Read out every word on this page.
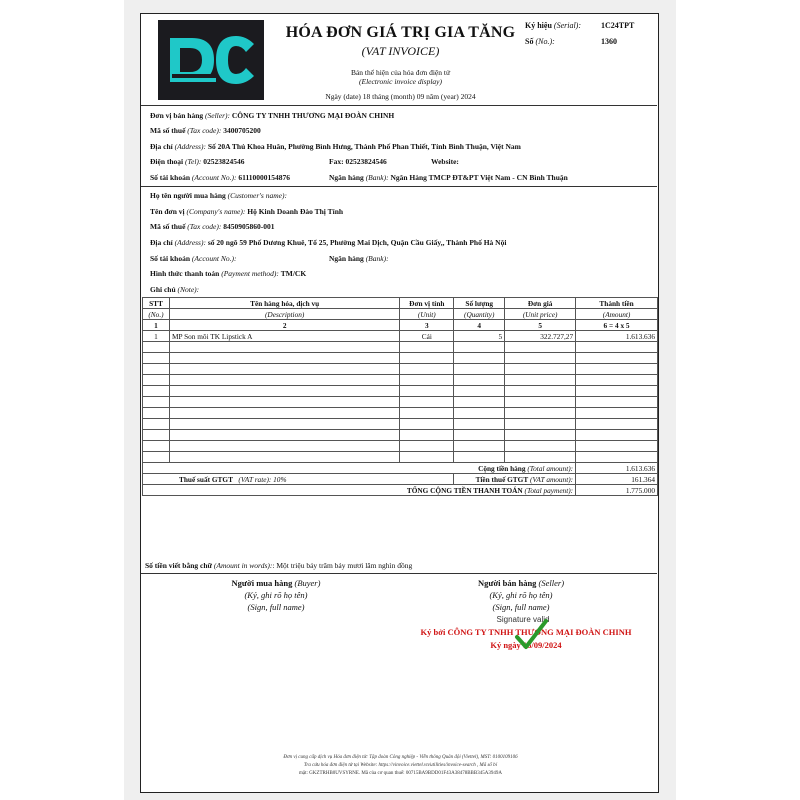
HÓA ĐƠN GIÁ TRỊ GIA TĂNG
(VAT INVOICE)
Bản thể hiện của hóa đơn điện tử
(Electronic invoice display)
Ngày (date) 18 tháng (month) 09 năm (year) 2024
Ký hiệu (Serial): 1C24TPT
Số (No.):	1360
Đơn vị bán hàng (Seller): CÔNG TY TNHH THƯƠNG MẠI ĐOÀN CHINH
Mã số thuế (Tax code): 3400705200
Địa chỉ (Address): Số 20A Thủ Khoa Huân, Phường Bình Hưng, Thành Phố Phan Thiết, Tỉnh Bình Thuận, Việt Nam
Điện thoại (Tel): 02523824546	Fax: 02523824546	Website:
Số tài khoản (Account No.): 61110000154876	Ngân hàng (Bank): Ngân Hàng TMCP ĐT&PT Việt Nam - CN Bình Thuận
Họ tên người mua hàng (Customer's name):
Tên đơn vị (Company's name): Hộ Kinh Doanh Đào Thị Tính
Mã số thuế (Tax code): 8450905860-001
Địa chỉ (Address): số 20 ngõ 59 Phố Dương Khuê, Tổ 25, Phường Mai Dịch, Quận Cầu Giấy,, Thành Phố Hà Nội
Số tài khoản (Account No.):	Ngân hàng (Bank):
Hình thức thanh toán (Payment method): TM/CK
Ghi chú (Note):
STT	Tên hàng hóa, dịch vụ	Đơn vị tính	Số lượng	Đơn giá	Thành tiền
(No.)	(Description)	(Unit)	(Quantity)	(Unit price)	(Amount)
1	2	3	4	5	6 = 4 x 5
1	MP Son môi TK Lipstick A	Cái	5	322.727,27	1.613.636

Cộng tiền hàng (Total amount):					1.613.636
Thuế suất GTGT (VAT rate): 10%			Tiền thuế GTGT (VAT amount):		161.364
TỔNG CỘNG TIỀN THANH TOÁN (Total payment):					1.775.000
Số tiền viết bằng chữ (Amount in words):: Một triệu bảy trăm bảy mươi lăm nghìn đồng
Người mua hàng (Buyer)
(Ký, ghi rõ họ tên)
(Sign, full name)
Người bán hàng (Seller)
(Ký, ghi rõ họ tên)
(Sign, full name)
Signature valid
Ký bởi CÔNG TY TNHH THƯƠNG MẠI ĐOÀN CHINH
Ký ngày 18/09/2024
Đơn vị cung cấp dịch vụ Hóa đơn điện tử: Tập đoàn Công nghiệp - Viễn thông Quân đội (Viettel), MST: 0100109106
Tra cứu hóa đơn điện tử tại Website: https://vinvoice.viettel.vn/utilities/invoice-search , Mã số bí
mật: GKZTRHB0UVSYRNE. Mã của cơ quan thuế: 00715BA9BDD01F43A38478BBB345A3949A
